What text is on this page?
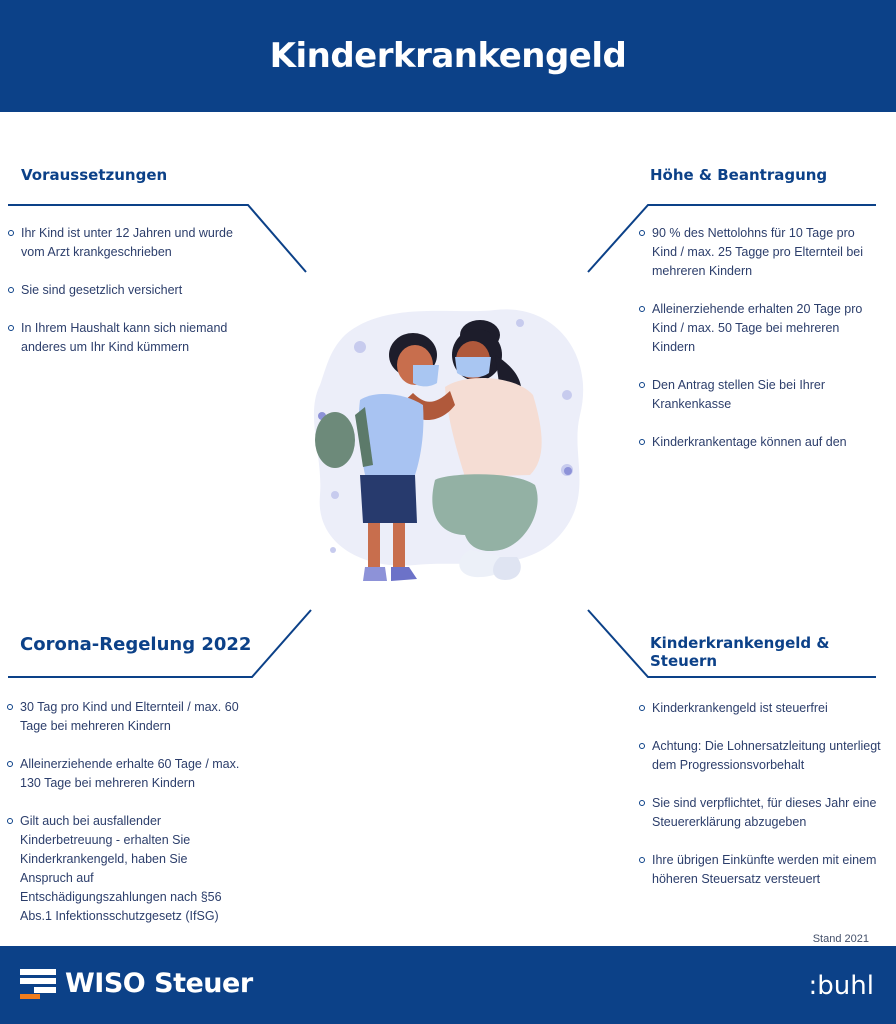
Kinderkrankengeld
Voraussetzungen
Ihr Kind ist unter 12 Jahren und wurde vom Arzt krankgeschrieben
Sie sind gesetzlich versichert
In Ihrem Haushalt kann sich niemand anderes um Ihr Kind kümmern
Höhe & Beantragung
90 % des Nettolohns für 10 Tage pro Kind / max. 25 Tagge pro Elternteil bei mehreren Kindern
Alleinerziehende erhalten 20 Tage pro Kind / max. 50 Tage bei mehreren Kindern
Den Antrag stellen Sie bei Ihrer Krankenkasse
Kinderkrankentage können auf den
Corona-Regelung 2022
30 Tag pro Kind und Elternteil / max. 60 Tage bei mehreren Kindern
Alleinerziehende erhalte 60 Tage / max. 130 Tage bei mehreren Kindern
Gilt auch bei ausfallender Kinderbetreuung - erhalten Sie Kinderkrankengeld, haben Sie Anspruch auf Entschädigungszahlungen nach §56 Abs.1 Infektionsschutzgesetz (IfSG)
Kinderkrankengeld & Steuern
Kinderkrankengeld ist steuerfrei
Achtung: Die Lohnersatzleitung unterliegt dem Progressionsvorbehalt
Sie sind verpflichtet, für dieses Jahr eine Steuererklärung abzugeben
Ihre übrigen Einkünfte werden mit einem höheren Steuersatz versteuert
Stand 2021
WISO Steuer	:buhl
